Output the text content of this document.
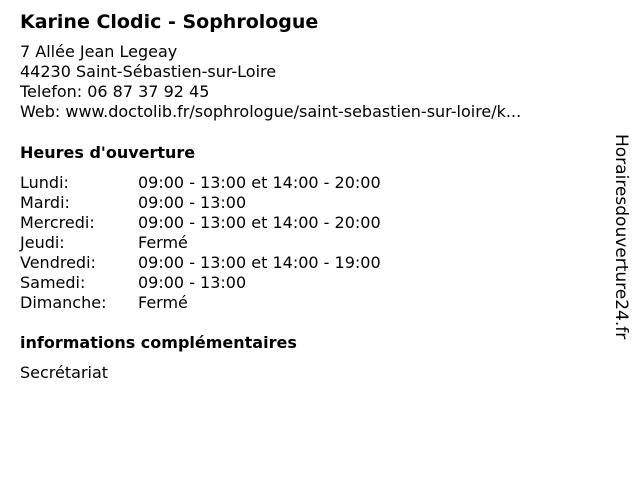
Karine Clodic - Sophrologue
7 Allée Jean Legeay
44230 Saint-Sébastien-sur-Loire
Telefon: 06 87 37 92 45
Web: www.doctolib.fr/sophrologue/saint-sebastien-sur-loire/k...
Heures d'ouverture
Lundi:	09:00 - 13:00 et 14:00 - 20:00
Mardi:	09:00 - 13:00
Mercredi:	09:00 - 13:00 et 14:00 - 20:00
Jeudi:	Fermé
Vendredi:	09:00 - 13:00 et 14:00 - 19:00
Samedi:	09:00 - 13:00
Dimanche:	Fermé
informations complémentaires
Secrétariat
Horairesdouverture24.fr
